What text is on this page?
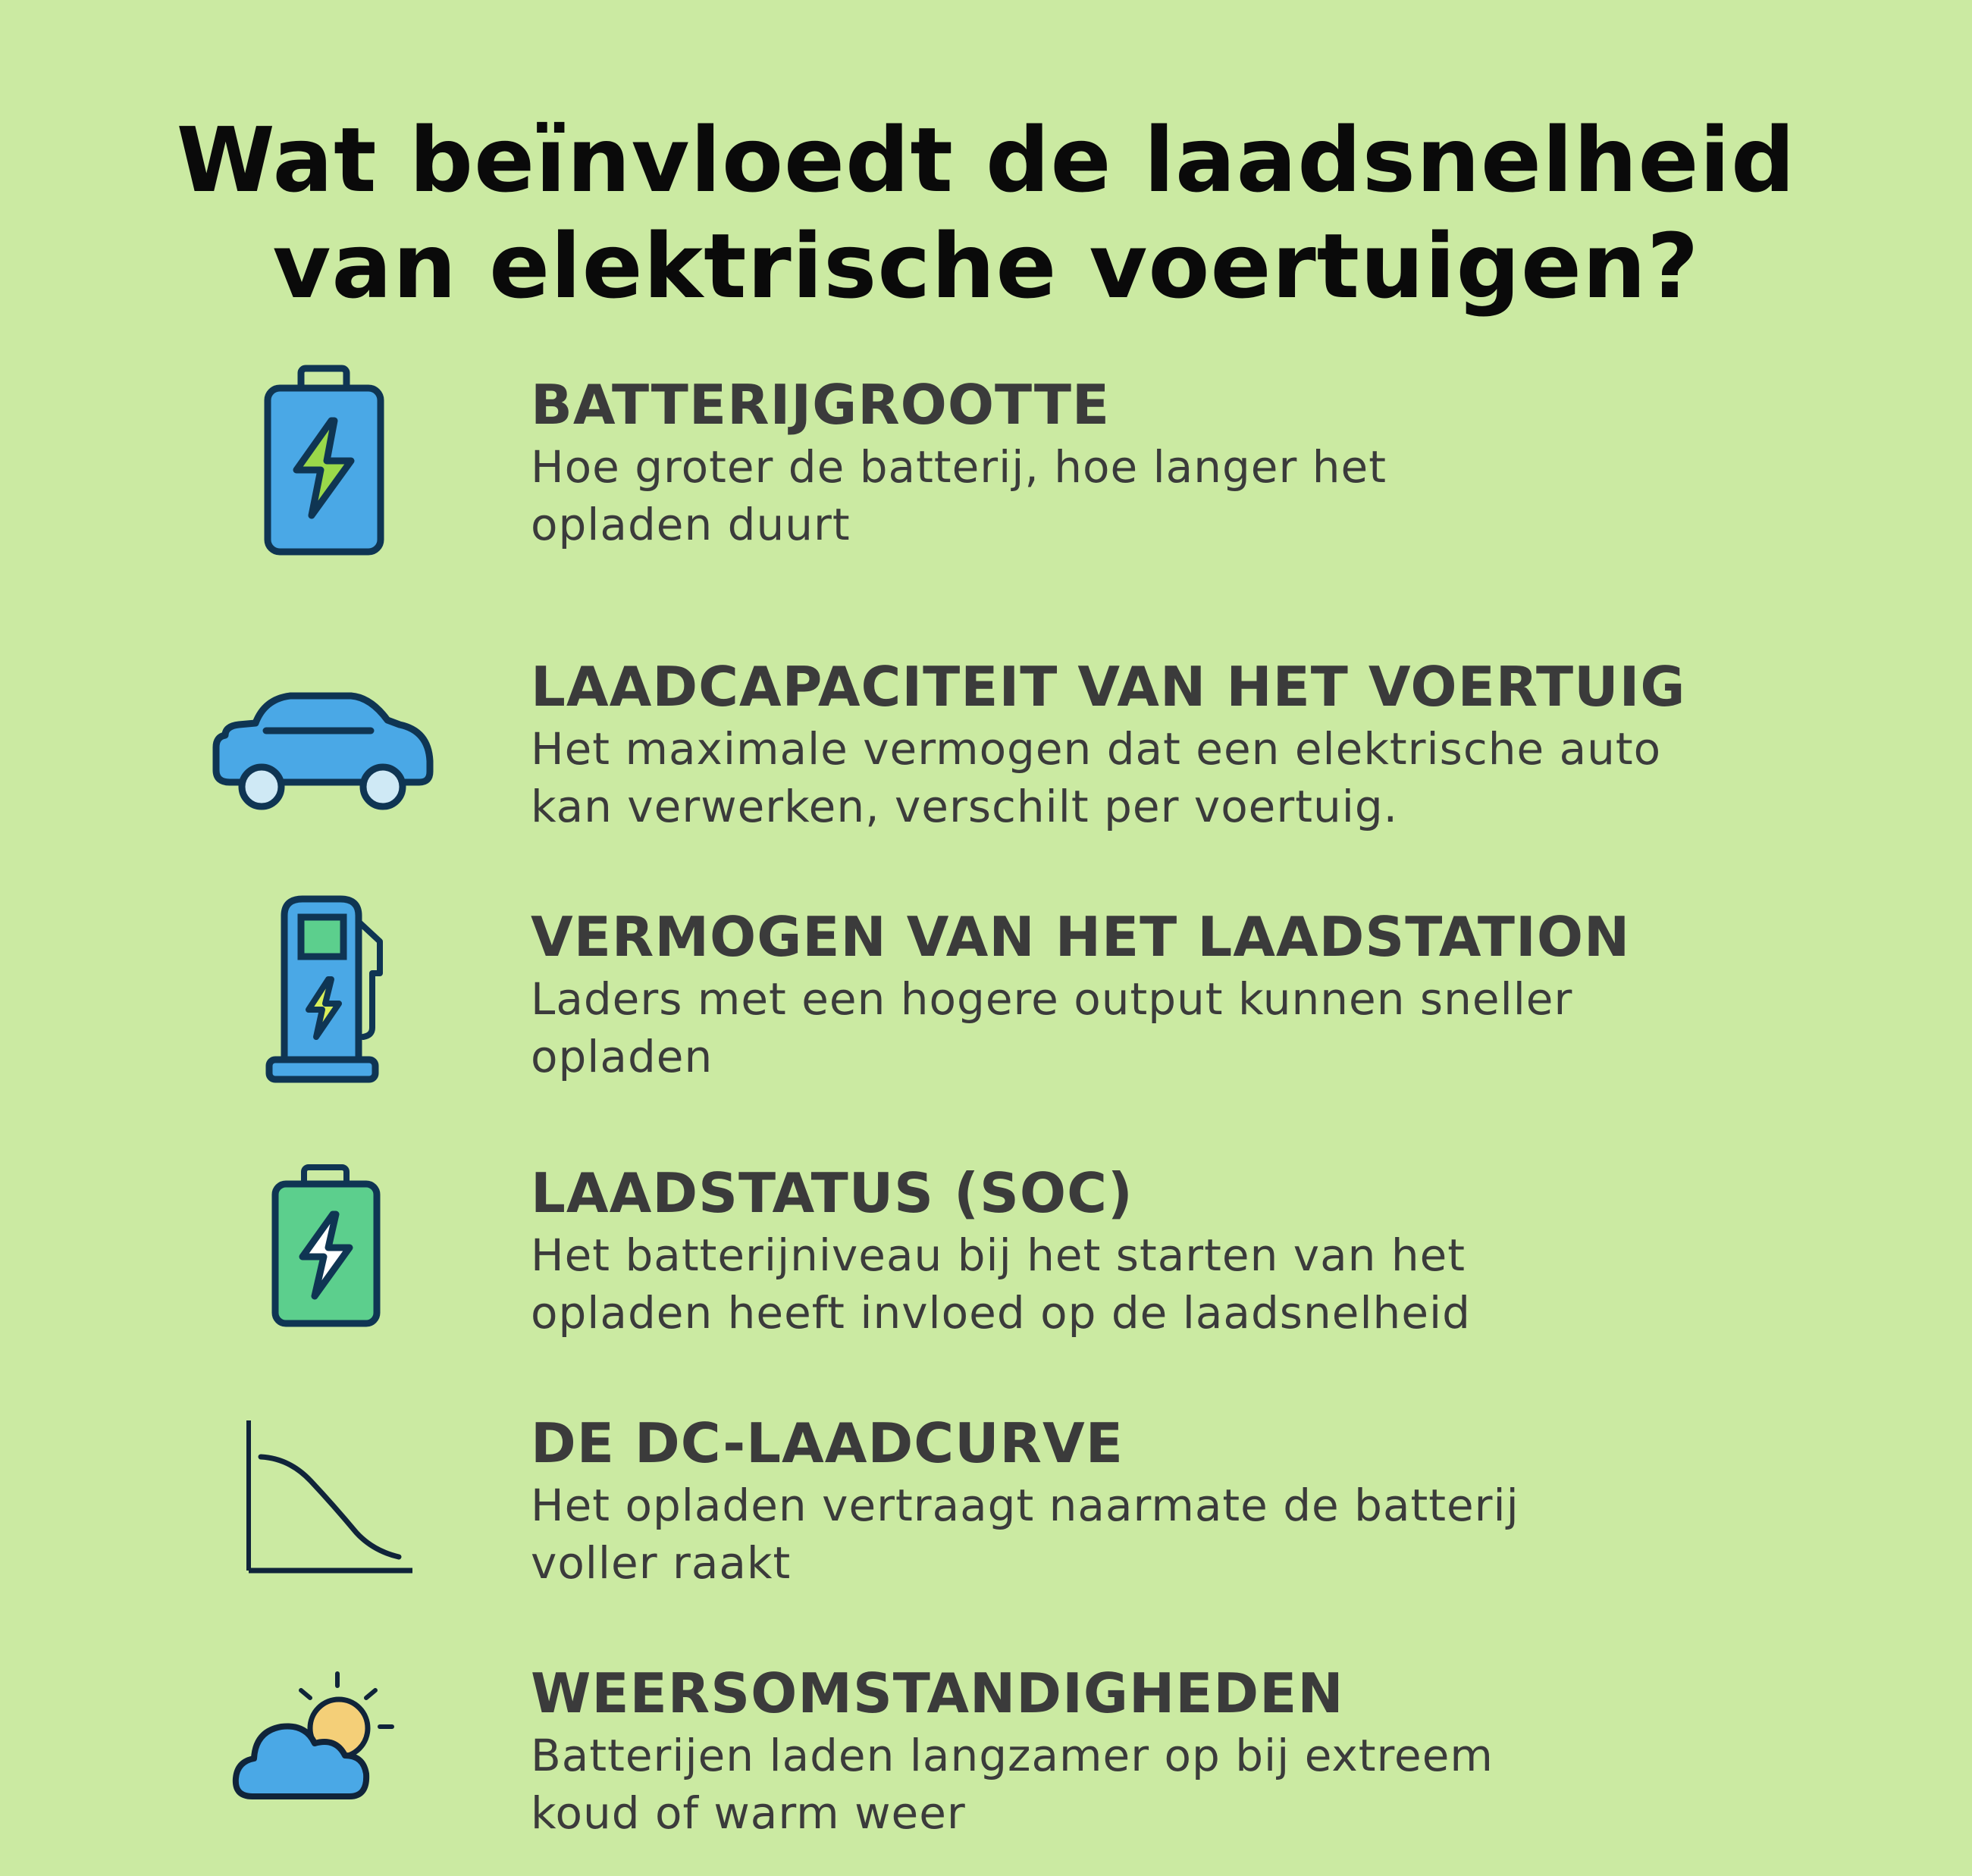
Wat beïnvloedt de laadsnelheid
van elektrische voertuigen?
BATTERIJGROOTTE
Hoe groter de batterij, hoe langer het
opladen duurt
LAADCAPACITEIT VAN HET VOERTUIG
Het maximale vermogen dat een elektrische auto
kan verwerken, verschilt per voertuig.
VERMOGEN VAN HET LAADSTATION
Laders met een hogere output kunnen sneller
opladen
LAADSTATUS (SOC)
Het batterijniveau bij het starten van het
opladen heeft invloed op de laadsnelheid
DE DC-LAADCURVE
Het opladen vertraagt naarmate de batterij
voller raakt
WEERSOMSTANDIGHEDEN
Batterijen laden langzamer op bij extreem
koud of warm weer
